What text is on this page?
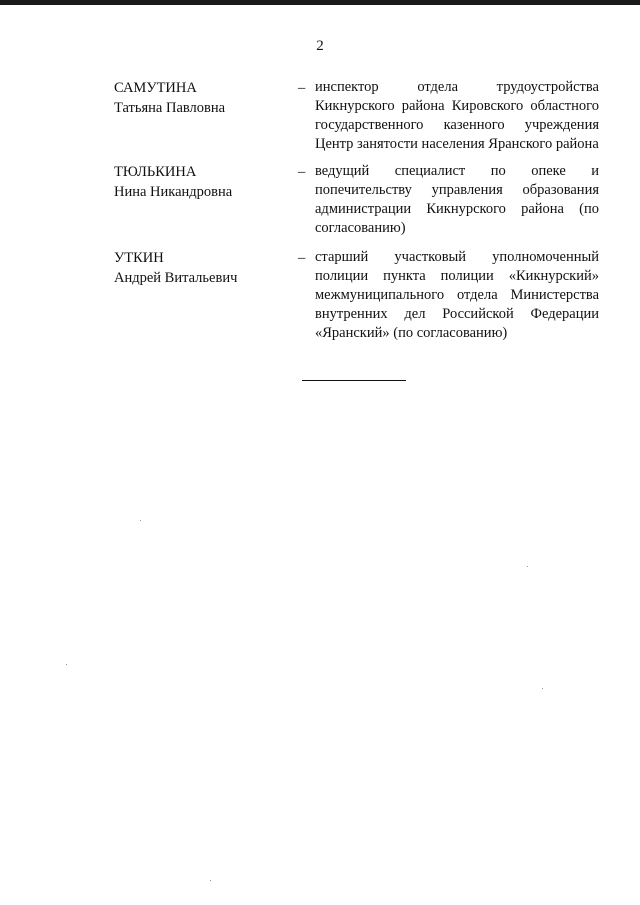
2
САМУТИНА
Татьяна Павловна
– инспектор отдела трудоустройства Кикнурского района Кировского областного государственного казенного учреждения Центр занятости населения Яранского района
ТЮЛЬКИНА
Нина Никандровна
– ведущий специалист по опеке и попечительству управления образования администрации Кикнурского района (по согласованию)
УТКИН
Андрей Витальевич
– старший участковый уполномоченный полиции пункта полиции «Кикнурский» межмуниципального отдела Министерства внутренних дел Российской Федерации «Яранский» (по согласованию)
